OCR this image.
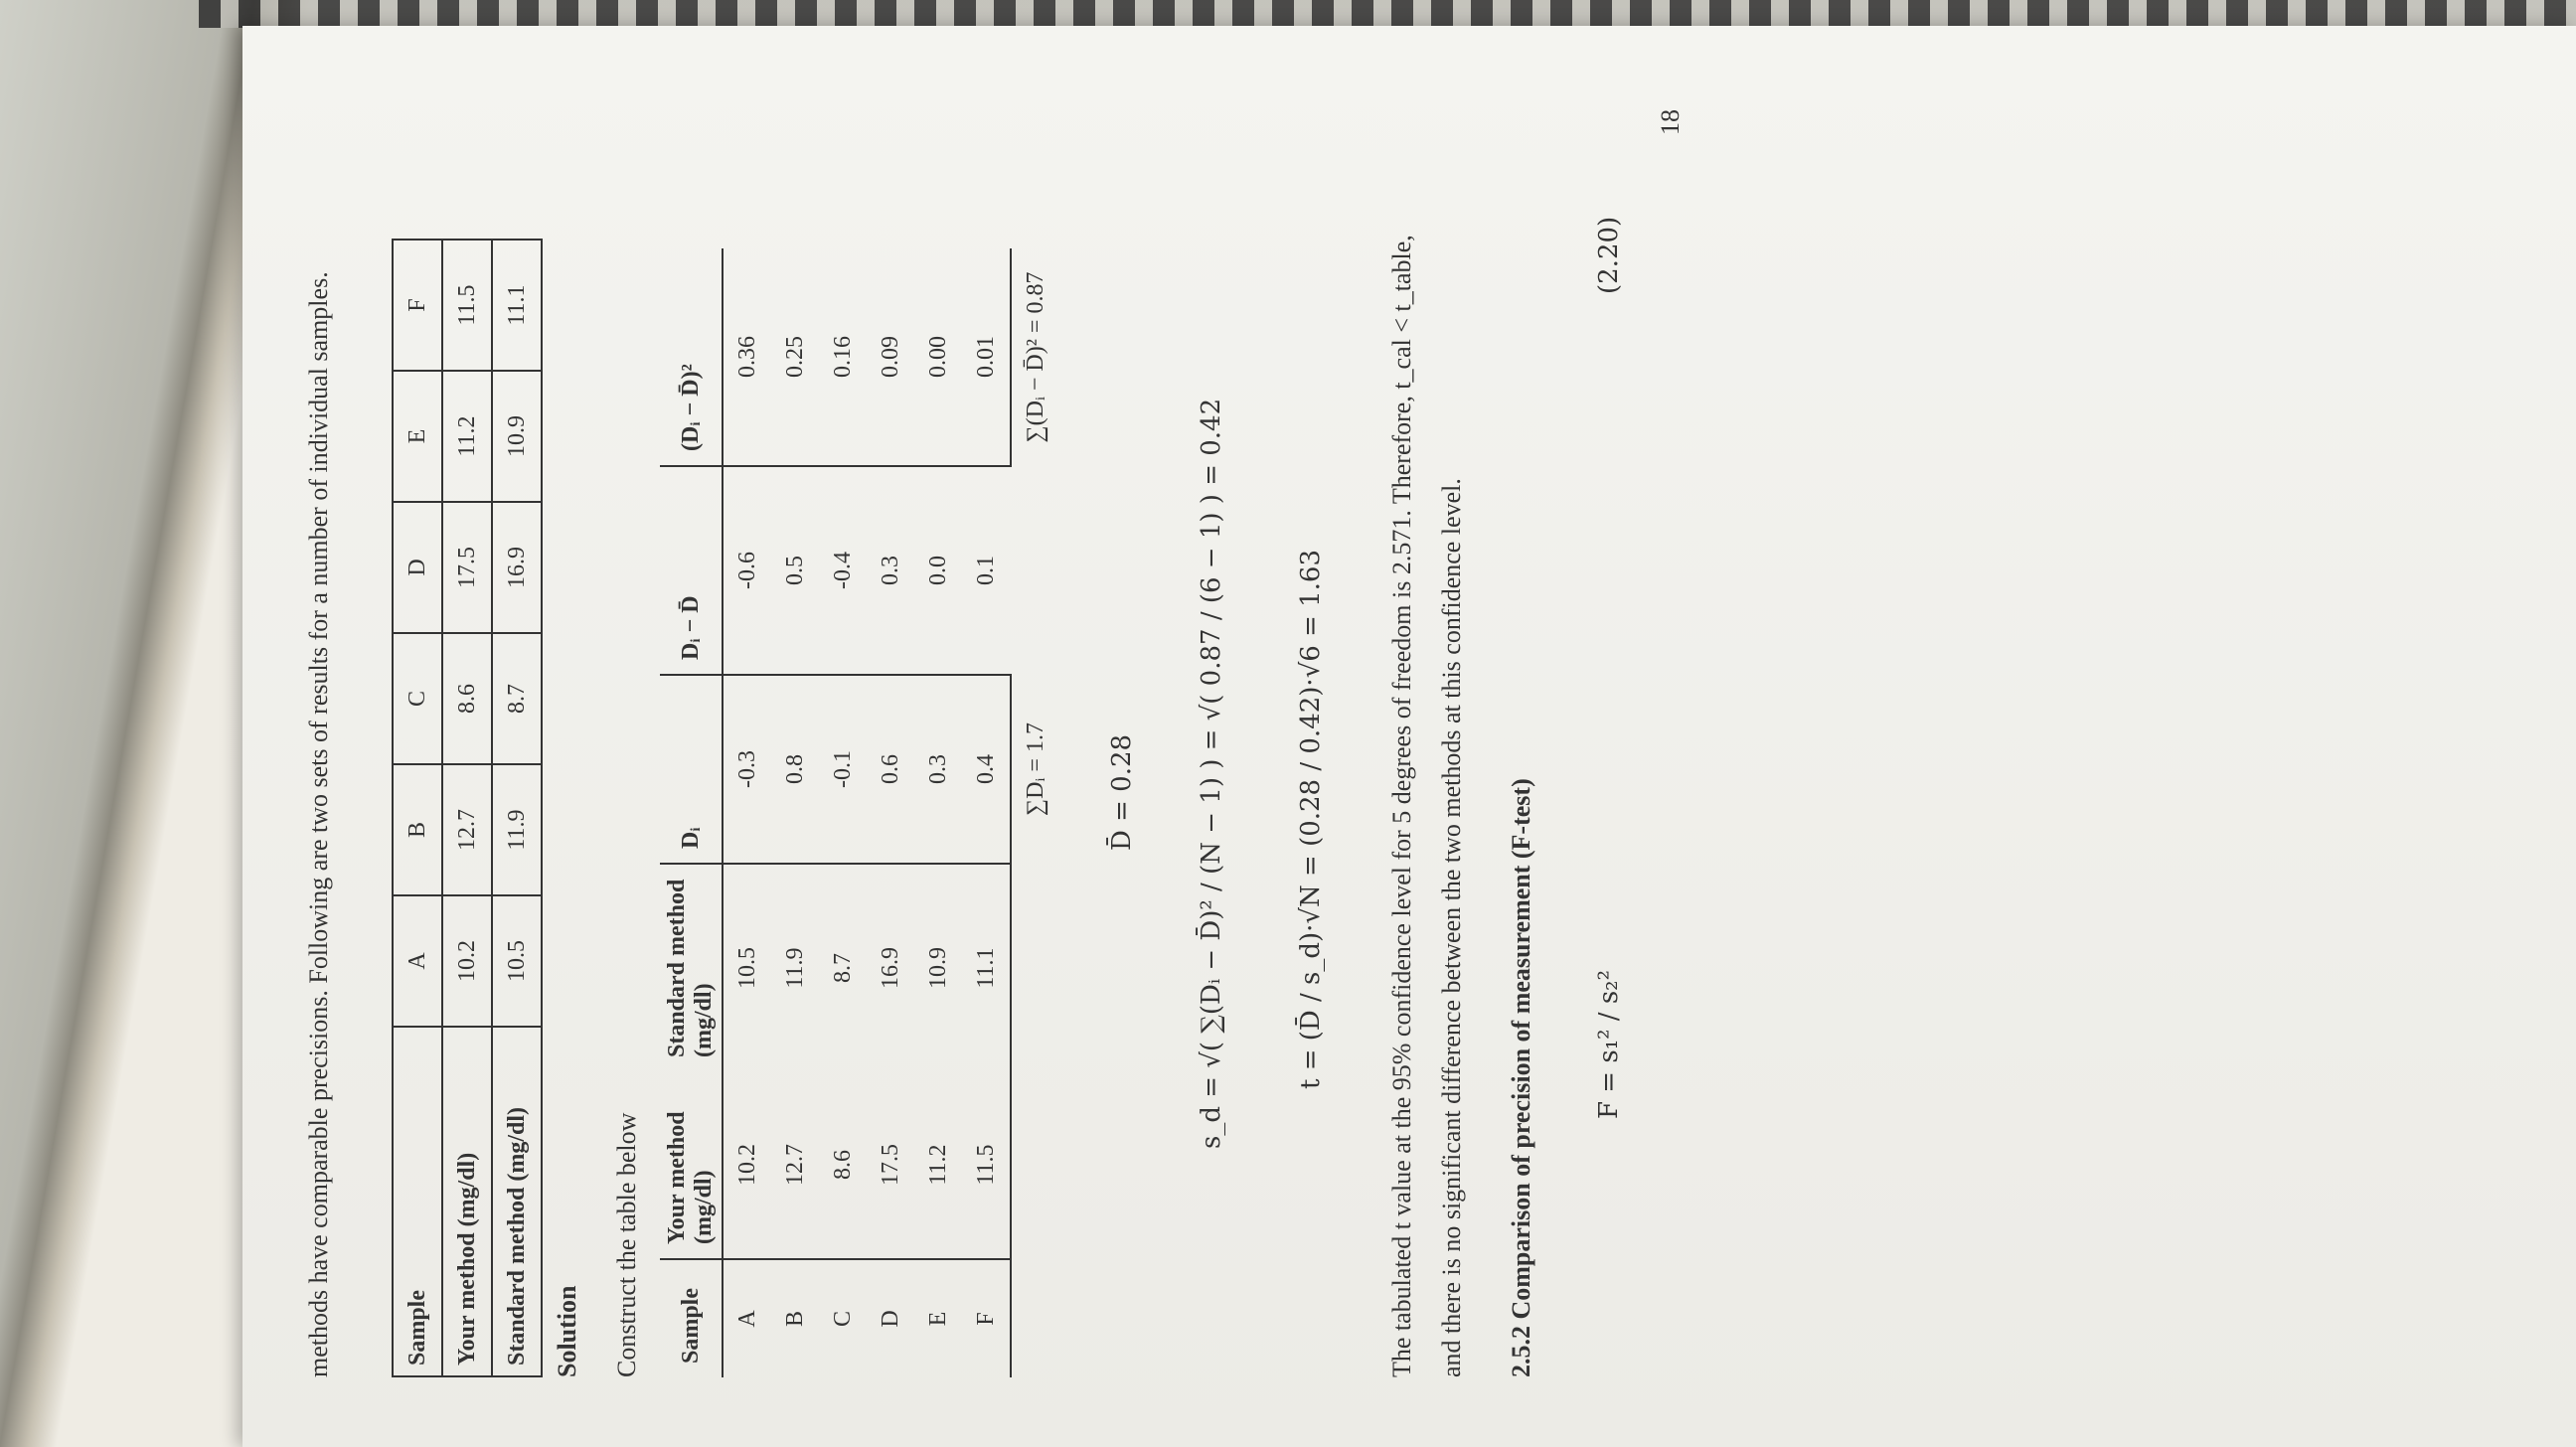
methods have comparable precisions. Following are two sets of results for a number of individual samples.	Sample	A	B	C	D	E	F
Your method (mg/dl)	10.2	12.7	8.6	17.5	11.2	11.5
Standard method (mg/dl)	10.5	11.9	8.7	16.9	10.9	11.1
Solution Construct the table below Sample	Your method (mg/dl)	Standard method (mg/dl)	Dᵢ	Dᵢ − D̄	(Dᵢ − D̄)²
A	10.2	10.5	-0.3	-0.6	0.36
B	12.7	11.9	0.8	0.5	0.25
C	8.6	8.7	-0.1	-0.4	0.16
D	17.5	16.9	0.6	0.3	0.09
E	11.2	10.9	0.3	0.0	0.00
F	11.5	11.1	0.4	0.1	0.01
			∑Dᵢ = 1.7		∑(Dᵢ − D̄)² = 0.87
D̄ = 0.28 s_d = √( ∑(Dᵢ − D̄)² / (N − 1) ) = √( 0.87 / (6 − 1) ) = 0.42	t = (D̄ / s_d)·√N = (0.28 / 0.42)·√6 = 1.63 The tabulated t value at the 95% confidence level for 5 degrees of freedom is 2.571. Therefore, t_cal < t_table, and there is no significant difference between the two methods at this confidence level. 2.5.2 Comparison of precision of measurement (F-test) F = s₁² / s₂²
(2.20)
18
